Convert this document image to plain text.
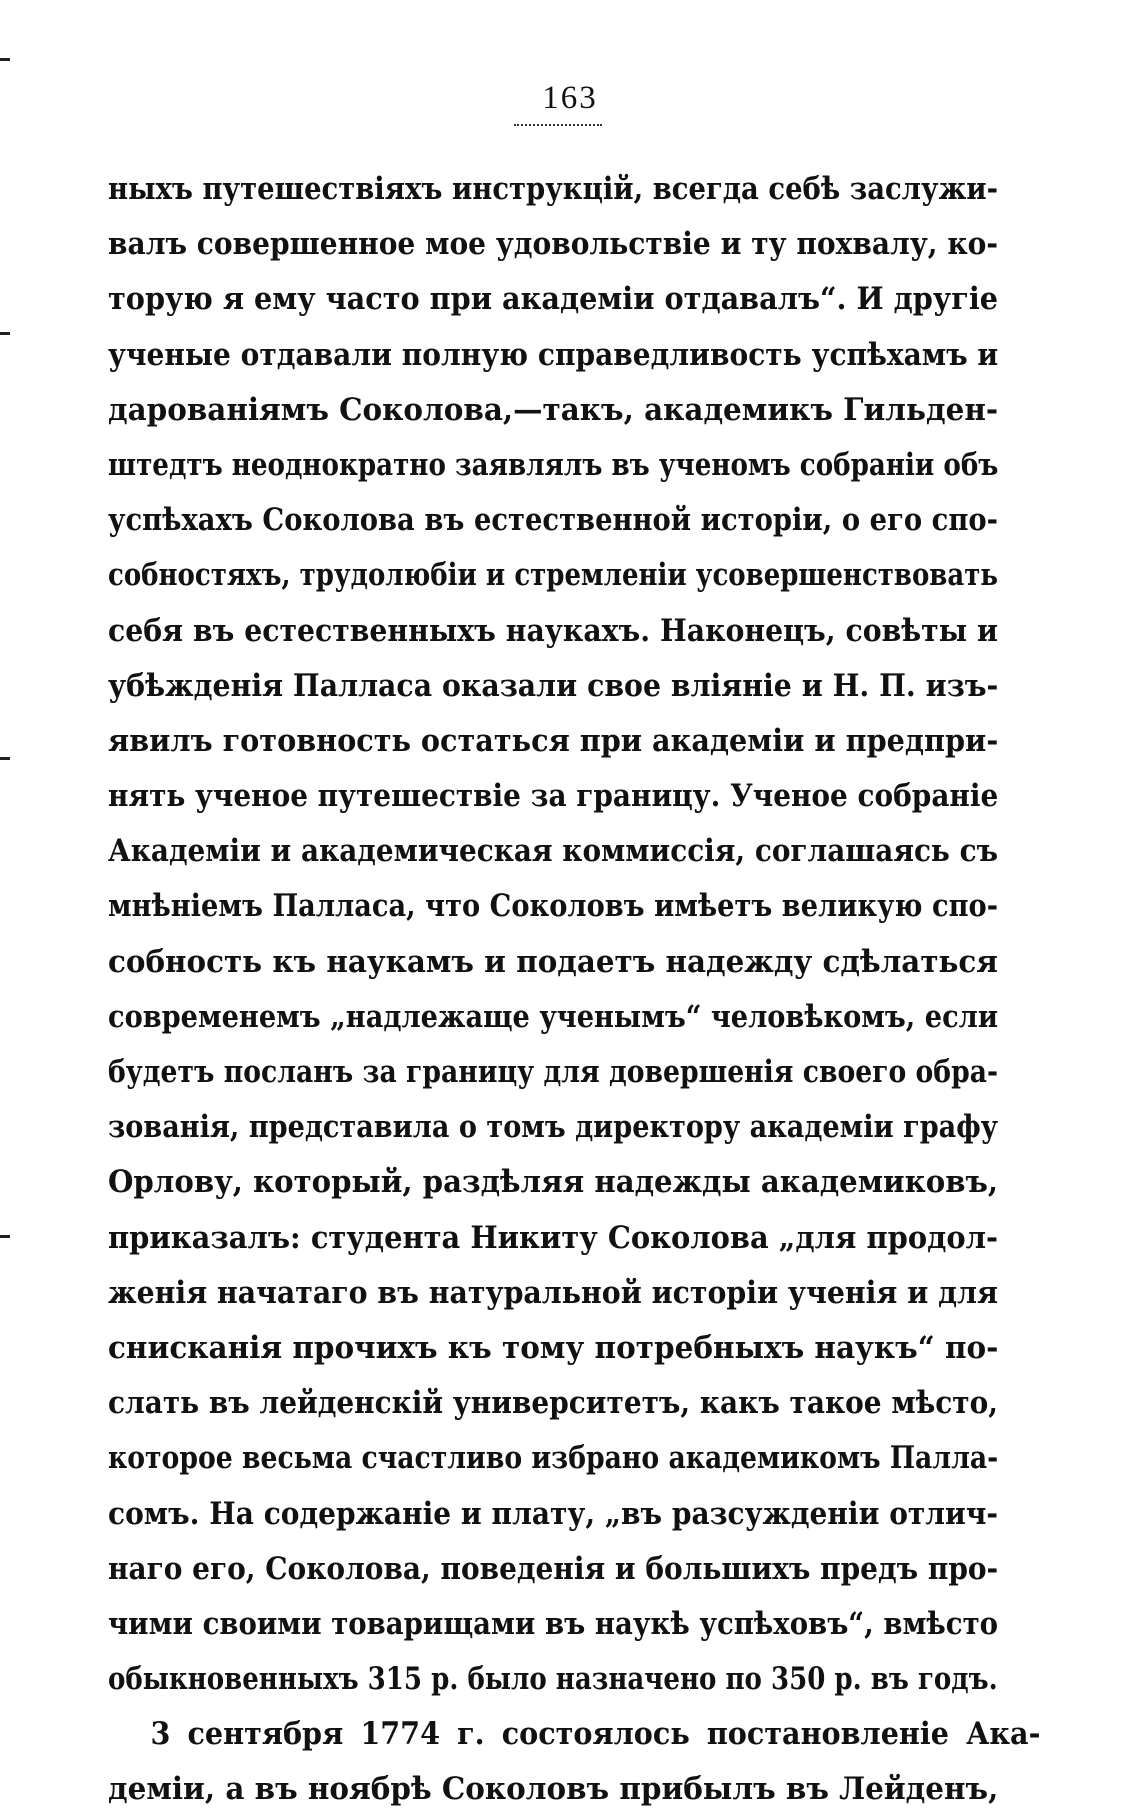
163
ныхъ путешествіяхъ инструкцій, всегда себѣ заслужи-
валъ совершенное мое удовольствіе и ту похвалу, ко-
торую я ему часто при академіи отдавалъ“. И другіе
ученые отдавали полную справедливость успѣхамъ и
дарованіямъ Соколова,—такъ, академикъ Гильден-
штедтъ неоднократно заявлялъ въ ученомъ собраніи объ
успѣхахъ Соколова въ естественной исторіи, о его спо-
собностяхъ, трудолюбіи и стремленіи усовершенствовать
себя въ естественныхъ наукахъ. Наконецъ, совѣты и
убѣжденія Палласа оказали свое вліяніе и Н. П. изъ-
явилъ готовность остаться при академіи и предпри-
нять ученое путешествіе за границу. Ученое собраніе
Академіи и академическая коммиссія, соглашаясь съ
мнѣніемъ Палласа, что Соколовъ имѣетъ великую спо-
собность къ наукамъ и подаетъ надежду сдѣлаться
современемъ „надлежаще ученымъ“ человѣкомъ, если
будетъ посланъ за границу для довершенія своего обра-
зованія, представила о томъ директору академіи графу
Орлову, который, раздѣляя надежды академиковъ,
приказалъ: студента Никиту Соколова „для продол-
женія начатаго въ натуральной исторіи ученія и для
снисканія прочихъ къ тому потребныхъ наукъ“ по-
слать въ лейденскій университетъ, какъ такое мѣсто,
которое весьма счастливо избрано академикомъ Палла-
сомъ. На содержаніе и плату, „въ разсужденіи отлич-
наго его, Соколова, поведенія и большихъ предъ про-
чими своими товарищами въ наукѣ успѣховъ“, вмѣсто
обыкновенныхъ 315 р. было назначено по 350 р. въ годъ.
3 сентября 1774 г. состоялось постановленіе Ака-
деміи, а въ ноябрѣ Соколовъ прибылъ въ Лейденъ,
